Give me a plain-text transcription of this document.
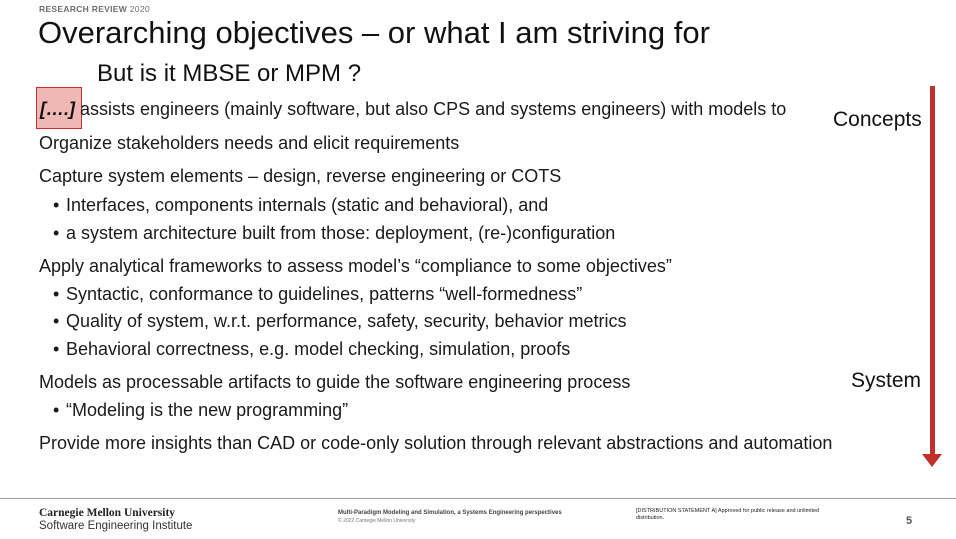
RESEARCH REVIEW 2020
Overarching objectives – or what I am striving for
But is it MBSE or MPM ?
[….] assists engineers (mainly software, but also CPS and systems engineers) with models to
Organize stakeholders needs and elicit requirements
Capture system elements – design, reverse engineering or COTS
• Interfaces, components internals (static and behavioral), and
• a system architecture built from those: deployment, (re-)configuration
Apply analytical frameworks to assess model’s “compliance to some objectives”
• Syntactic, conformance to guidelines, patterns “well-formedness”
• Quality of system, w.r.t. performance, safety, security, behavior metrics
• Behavioral correctness, e.g. model checking, simulation, proofs
Models as processable artifacts to guide the software engineering process
• “Modeling is the new programming”
Provide more insights than CAD or code-only solution through relevant abstractions and automation
Concepts
System
Carnegie Mellon University
Software Engineering Institute
Multi-Paradigm Modeling and Simulation, a Systems Engineering perspectives
© 2022 Carnegie Mellon University
[DISTRIBUTION STATEMENT A] Approved for public release and unlimited distribution.	5
